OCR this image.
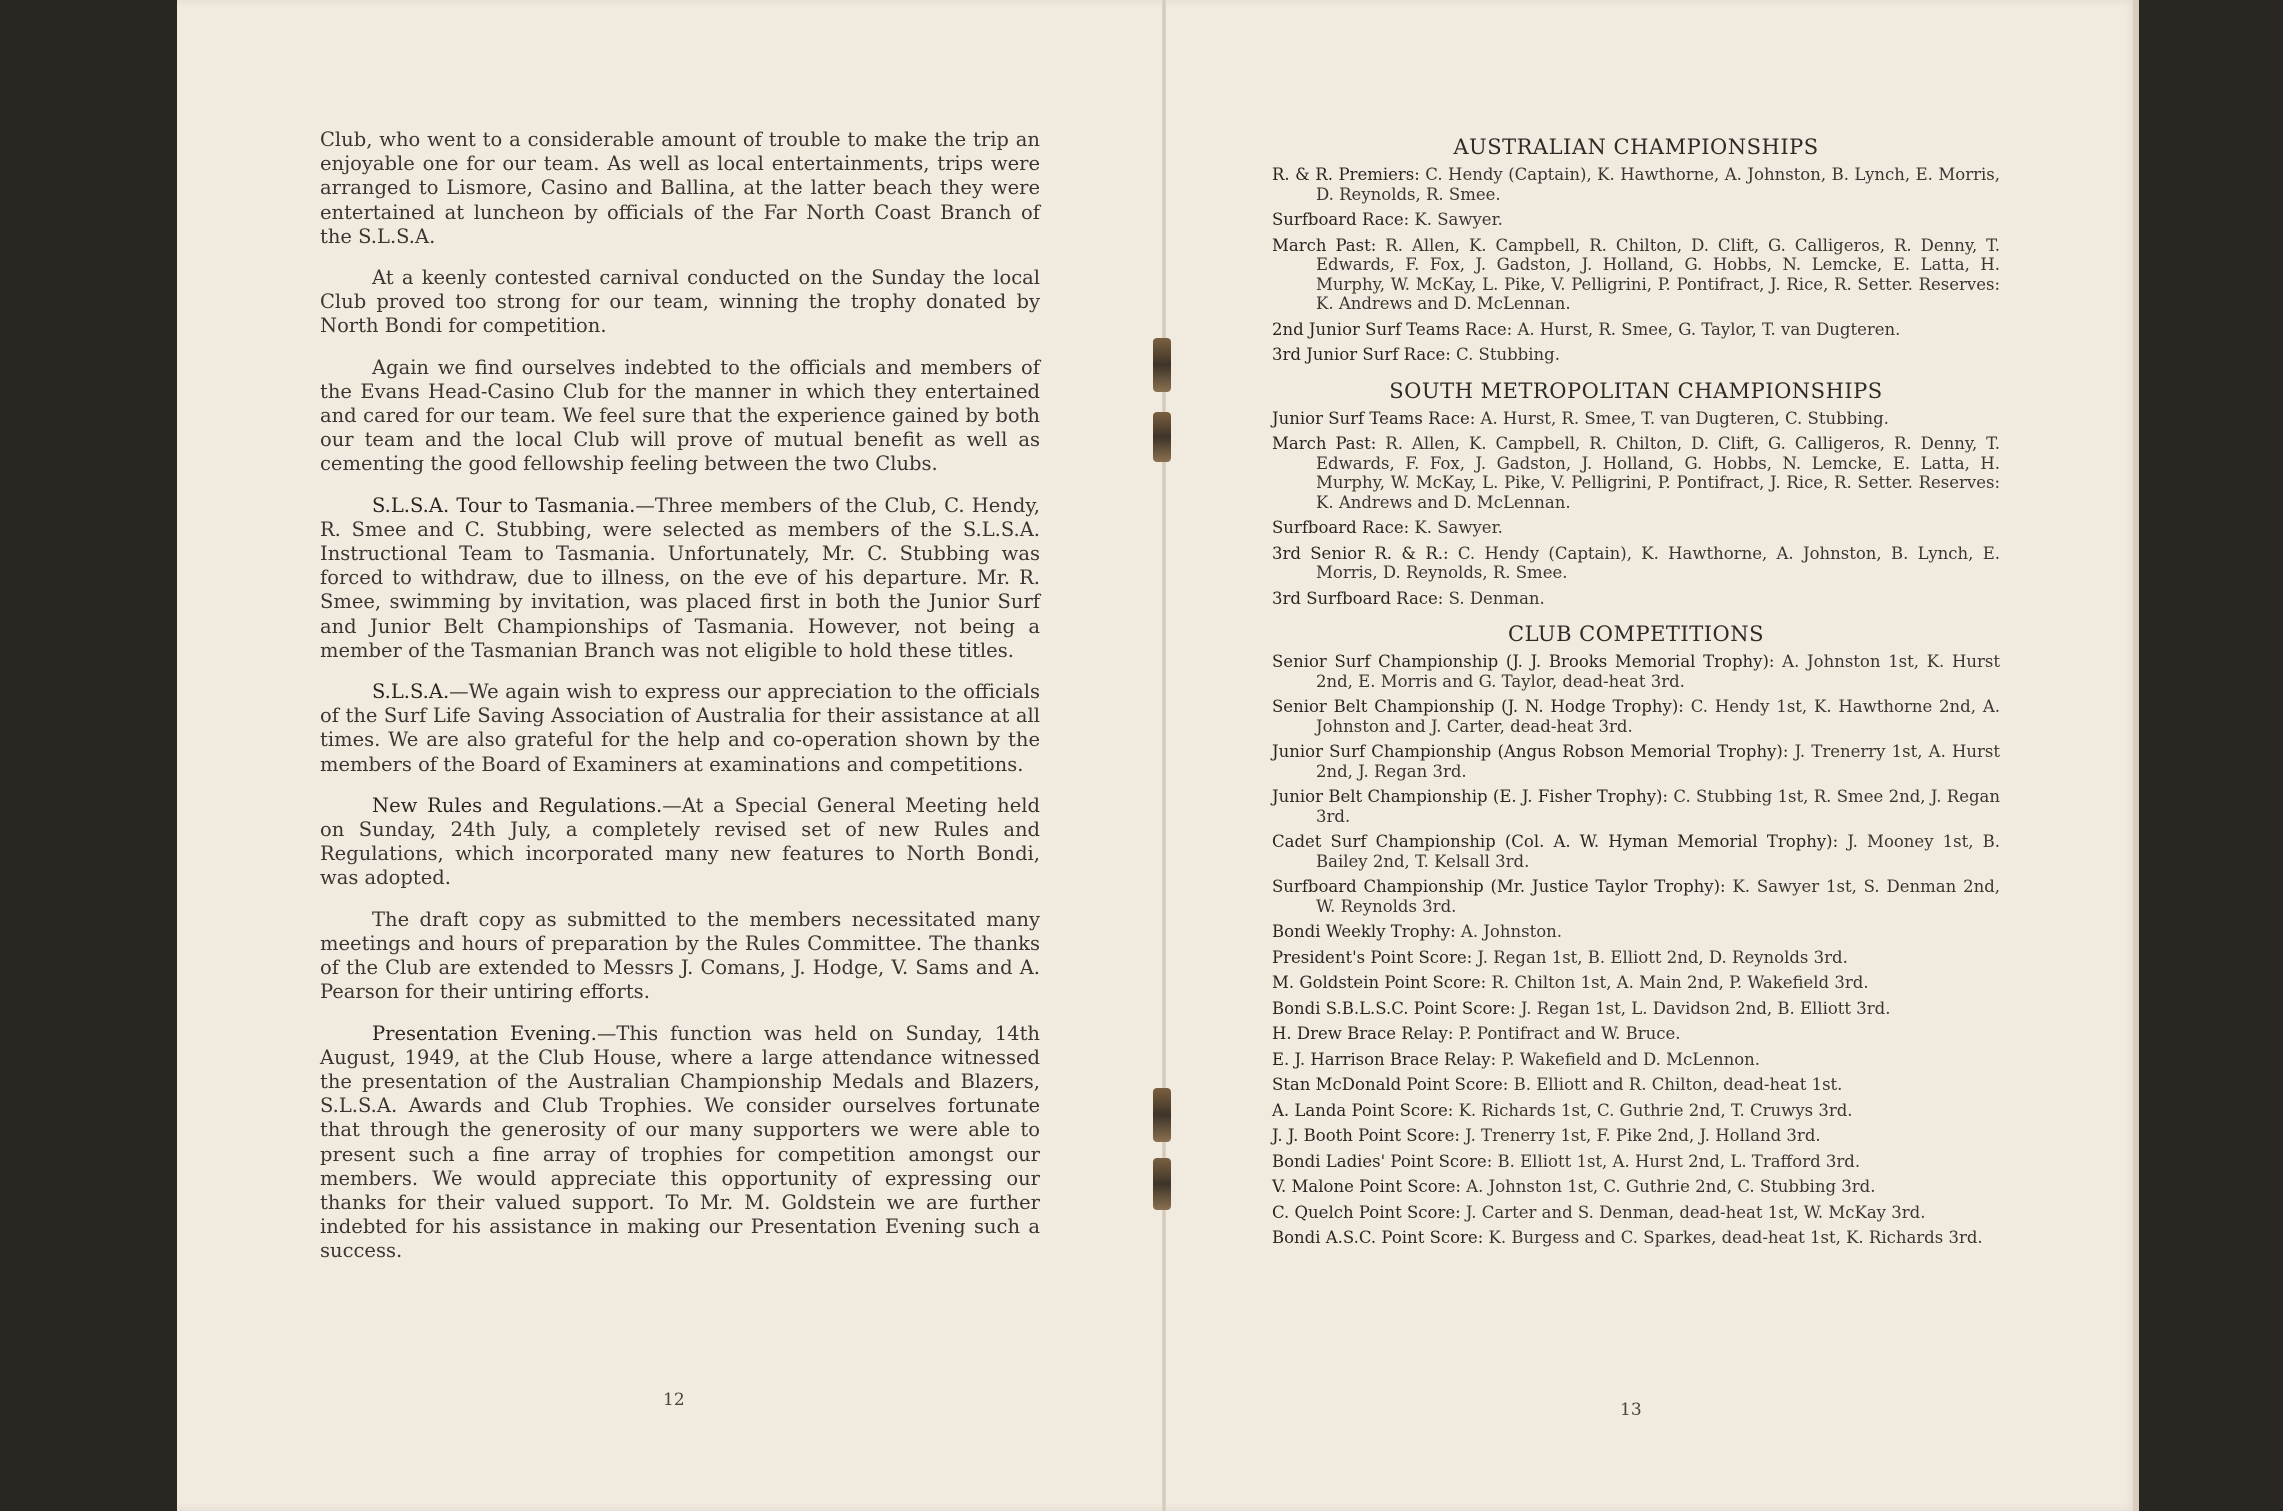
Club, who went to a considerable amount of trouble to make the trip an enjoyable one for our team. As well as local entertainments, trips were arranged to Lismore, Casino and Ballina, at the latter beach they were entertained at luncheon by officials of the Far North Coast Branch of the S.L.S.A.

At a keenly contested carnival conducted on the Sunday the local Club proved too strong for our team, winning the trophy donated by North Bondi for competition.

Again we find ourselves indebted to the officials and members of the Evans Head-Casino Club for the manner in which they entertained and cared for our team. We feel sure that the experience gained by both our team and the local Club will prove of mutual benefit as well as cementing the good fellowship feeling between the two Clubs.

S.L.S.A. Tour to Tasmania.—Three members of the Club, C. Hendy, R. Smee and C. Stubbing, were selected as members of the S.L.S.A. Instructional Team to Tasmania. Unfortunately, Mr. C. Stubbing was forced to withdraw, due to illness, on the eve of his departure. Mr. R. Smee, swimming by invitation, was placed first in both the Junior Surf and Junior Belt Championships of Tasmania. However, not being a member of the Tasmanian Branch was not eligible to hold these titles.

S.L.S.A.—We again wish to express our appreciation to the officials of the Surf Life Saving Association of Australia for their assistance at all times. We are also grateful for the help and co-operation shown by the members of the Board of Examiners at examinations and competitions.

New Rules and Regulations.—At a Special General Meeting held on Sunday, 24th July, a completely revised set of new Rules and Regulations, which incorporated many new features to North Bondi, was adopted.

The draft copy as submitted to the members necessitated many meetings and hours of preparation by the Rules Committee. The thanks of the Club are extended to Messrs J. Comans, J. Hodge, V. Sams and A. Pearson for their untiring efforts.

Presentation Evening.—This function was held on Sunday, 14th August, 1949, at the Club House, where a large attendance witnessed the presentation of the Australian Championship Medals and Blazers, S.L.S.A. Awards and Club Trophies. We consider ourselves fortunate that through the generosity of our many supporters we were able to present such a fine array of trophies for competition amongst our members. We would appreciate this opportunity of expressing our thanks for their valued support. To Mr. M. Goldstein we are further indebted for his assistance in making our Presentation Evening such a success.

12
AUSTRALIAN CHAMPIONSHIPS
R. & R. Premiers: C. Hendy (Captain), K. Hawthorne, A. Johnston, B. Lynch, E. Morris, D. Reynolds, R. Smee.
Surfboard Race: K. Sawyer.
March Past: R. Allen, K. Campbell, R. Chilton, D. Clift, G. Calligeros, R. Denny, T. Edwards, F. Fox, J. Gadston, J. Holland, G. Hobbs, N. Lemcke, E. Latta, H. Murphy, W. McKay, L. Pike, V. Pelligrini, P. Pontifract, J. Rice, R. Setter. Reserves: K. Andrews and D. McLennan.
2nd Junior Surf Teams Race: A. Hurst, R. Smee, G. Taylor, T. van Dugteren.
3rd Junior Surf Race: C. Stubbing.
SOUTH METROPOLITAN CHAMPIONSHIPS
Junior Surf Teams Race: A. Hurst, R. Smee, T. van Dugteren, C. Stubbing.
March Past: R. Allen, K. Campbell, R. Chilton, D. Clift, G. Calligeros, R. Denny, T. Edwards, F. Fox, J. Gadston, J. Holland, G. Hobbs, N. Lemcke, E. Latta, H. Murphy, W. McKay, L. Pike, V. Pelligrini, P. Pontifract, J. Rice, R. Setter. Reserves: K. Andrews and D. McLennan.
Surfboard Race: K. Sawyer.
3rd Senior R. & R.: C. Hendy (Captain), K. Hawthorne, A. Johnston, B. Lynch, E. Morris, D. Reynolds, R. Smee.
3rd Surfboard Race: S. Denman.
CLUB COMPETITIONS
Senior Surf Championship (J. J. Brooks Memorial Trophy): A. Johnston 1st, K. Hurst 2nd, E. Morris and G. Taylor, dead-heat 3rd.
Senior Belt Championship (J. N. Hodge Trophy): C. Hendy 1st, K. Hawthorne 2nd, A. Johnston and J. Carter, dead-heat 3rd.
Junior Surf Championship (Angus Robson Memorial Trophy): J. Trenerry 1st, A. Hurst 2nd, J. Regan 3rd.
Junior Belt Championship (E. J. Fisher Trophy): C. Stubbing 1st, R. Smee 2nd, J. Regan 3rd.
Cadet Surf Championship (Col. A. W. Hyman Memorial Trophy): J. Mooney 1st, B. Bailey 2nd, T. Kelsall 3rd.
Surfboard Championship (Mr. Justice Taylor Trophy): K. Sawyer 1st, S. Denman 2nd, W. Reynolds 3rd.
Bondi Weekly Trophy: A. Johnston.
President's Point Score: J. Regan 1st, B. Elliott 2nd, D. Reynolds 3rd.
M. Goldstein Point Score: R. Chilton 1st, A. Main 2nd, P. Wakefield 3rd.
Bondi S.B.L.S.C. Point Score: J. Regan 1st, L. Davidson 2nd, B. Elliott 3rd.
H. Drew Brace Relay: P. Pontifract and W. Bruce.
E. J. Harrison Brace Relay: P. Wakefield and D. McLennon.
Stan McDonald Point Score: B. Elliott and R. Chilton, dead-heat 1st.
A. Landa Point Score: K. Richards 1st, C. Guthrie 2nd, T. Cruwys 3rd.
J. J. Booth Point Score: J. Trenerry 1st, F. Pike 2nd, J. Holland 3rd.
Bondi Ladies' Point Score: B. Elliott 1st, A. Hurst 2nd, L. Trafford 3rd.
V. Malone Point Score: A. Johnston 1st, C. Guthrie 2nd, C. Stubbing 3rd.
C. Quelch Point Score: J. Carter and S. Denman, dead-heat 1st, W. McKay 3rd.
Bondi A.S.C. Point Score: K. Burgess and C. Sparkes, dead-heat 1st, K. Richards 3rd.
13
